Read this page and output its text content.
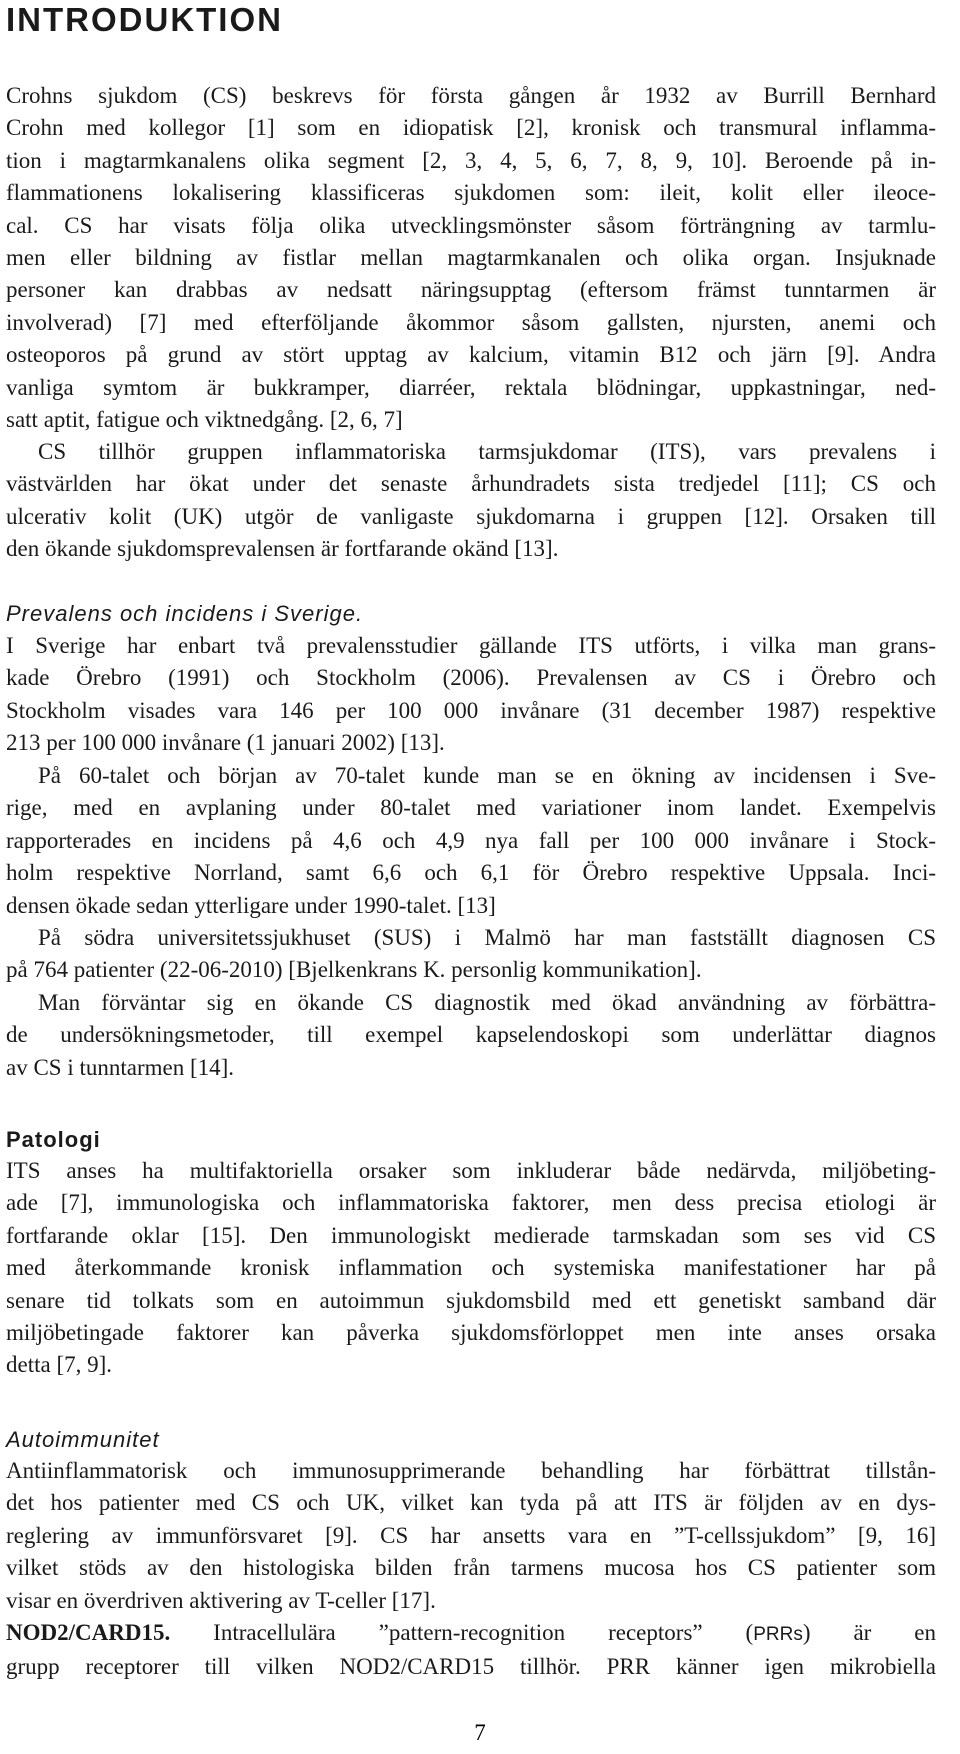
INTRODUKTION
Crohns sjukdom (CS) beskrevs för första gången år 1932 av Burrill Bernhard
Crohn med kollegor [1] som en idiopatisk [2], kronisk och transmural inflamma-
tion i magtarmkanalens olika segment [2, 3, 4, 5, 6, 7, 8, 9, 10]. Beroende på in-
flammationens lokalisering klassificeras sjukdomen som: ileit, kolit eller ileoce-
cal. CS har visats följa olika utvecklingsmönster såsom förträngning av tarmlu-
men eller bildning av fistlar mellan magtarmkanalen och olika organ. Insjuknade
personer kan drabbas av nedsatt näringsupptag (eftersom främst tunntarmen är
involverad) [7] med efterföljande åkommor såsom gallsten, njursten, anemi och
osteoporos på grund av stört upptag av kalcium, vitamin B12 och järn [9]. Andra
vanliga symtom är bukkramper, diarréer, rektala blödningar, uppkastningar, ned-
satt aptit, fatigue och viktnedgång. [2, 6, 7]
CS tillhör gruppen inflammatoriska tarmsjukdomar (ITS), vars prevalens i
västvärlden har ökat under det senaste århundradets sista tredjedel [11]; CS och
ulcerativ kolit (UK) utgör de vanligaste sjukdomarna i gruppen [12]. Orsaken till
den ökande sjukdomsprevalensen är fortfarande okänd [13].
Prevalens och incidens i Sverige.
I Sverige har enbart två prevalensstudier gällande ITS utförts, i vilka man grans-
kade Örebro (1991) och Stockholm (2006). Prevalensen av CS i Örebro och
Stockholm visades vara 146 per 100 000 invånare (31 december 1987) respektive
213 per 100 000 invånare (1 januari 2002) [13].
På 60-talet och början av 70-talet kunde man se en ökning av incidensen i Sve-
rige, med en avplaning under 80-talet med variationer inom landet. Exempelvis
rapporterades en incidens på 4,6 och 4,9 nya fall per 100 000 invånare i Stock-
holm respektive Norrland, samt 6,6 och 6,1 för Örebro respektive Uppsala. Inci-
densen ökade sedan ytterligare under 1990-talet. [13]
På södra universitetssjukhuset (SUS) i Malmö har man fastställt diagnosen CS
på 764 patienter (22-06-2010) [Bjelkenkrans K. personlig kommunikation].
Man förväntar sig en ökande CS diagnostik med ökad användning av förbättra-
de undersökningsmetoder, till exempel kapselendoskopi som underlättar diagnos
av CS i tunntarmen [14].
Patologi
ITS anses ha multifaktoriella orsaker som inkluderar både nedärvda, miljöbeting-
ade [7], immunologiska och inflammatoriska faktorer, men dess precisa etiologi är
fortfarande oklar [15]. Den immunologiskt medierade tarmskadan som ses vid CS
med återkommande kronisk inflammation och systemiska manifestationer har på
senare tid tolkats som en autoimmun sjukdomsbild med ett genetiskt samband där
miljöbetingade faktorer kan påverka sjukdomsförloppet men inte anses orsaka
detta [7, 9].
Autoimmunitet
Antiinflammatorisk och immunosupprimerande behandling har förbättrat tillstån-
det hos patienter med CS och UK, vilket kan tyda på att ITS är följden av en dys-
reglering av immunförsvaret [9]. CS har ansetts vara en ”T-cellssjukdom” [9, 16]
vilket stöds av den histologiska bilden från tarmens mucosa hos CS patienter som
visar en överdriven aktivering av T-celler [17].
NOD2/CARD15. Intracellulära ”pattern-recognition receptors” (PRRs) är en
grupp receptorer till vilken NOD2/CARD15 tillhör. PRR känner igen mikrobiella
7
